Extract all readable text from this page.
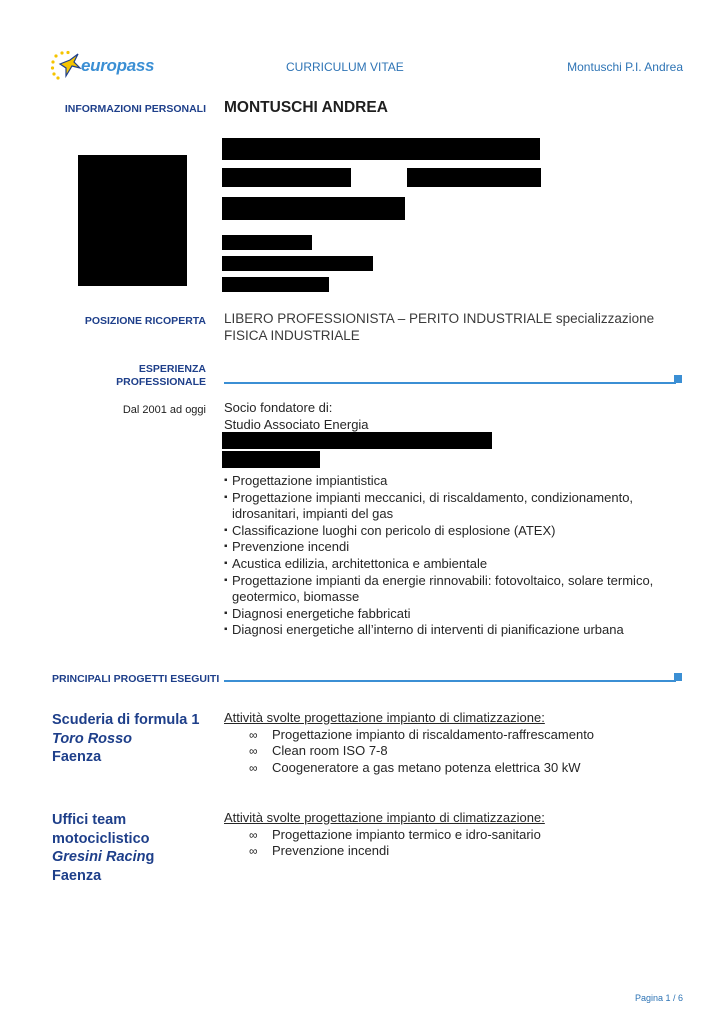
europass	CURRICULUM VITAE	Montuschi P.I. Andrea
INFORMAZIONI PERSONALI MONTUSCHI ANDREA
POSIZIONE RICOPERTA LIBERO PROFESSIONISTA – PERITO INDUSTRIALE specializzazione FISICA INDUSTRIALE
ESPERIENZA
PROFESSIONALE
Dal 2001 ad oggi Socio fondatore di:
Studio Associato Energia
▪ Progettazione impiantistica
▪ Progettazione impianti meccanici, di riscaldamento, condizionamento, idrosanitari, impianti del gas
▪ Classificazione luoghi con pericolo di esplosione (ATEX)
▪ Prevenzione incendi
▪ Acustica edilizia, architettonica e ambientale
▪ Progettazione impianti da energie rinnovabili: fotovoltaico, solare termico, geotermico, biomasse
▪ Diagnosi energetiche fabbricati
▪ Diagnosi energetiche all’interno di interventi di pianificazione urbana
PRINCIPALI PROGETTI ESEGUITI
Scuderia di formula 1
Toro Rosso
Faenza
Attività svolte progettazione impianto di climatizzazione:
∞ Progettazione impianto di riscaldamento-raffrescamento
∞ Clean room ISO 7-8
∞ Coogeneratore a gas metano potenza elettrica 30 kW
Uffici team
motociclistico
Gresini Racing
Faenza
Attività svolte progettazione impianto di climatizzazione:
∞ Progettazione impianto termico e idro-sanitario
∞ Prevenzione incendi
Pagina 1 / 6
